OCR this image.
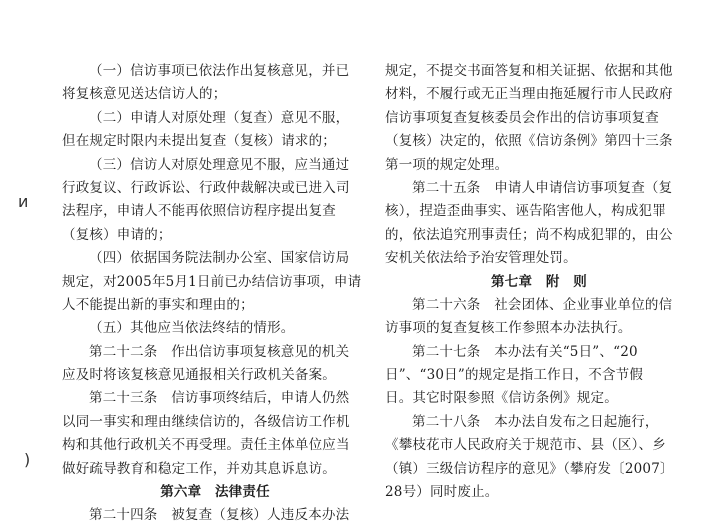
ͷ
)
（一）信访事项已依法作出复核意见，并已
将复核意见送达信访人的；
（二）申请人对原处理（复查）意见不服，
但在规定时限内未提出复查（复核）请求的；
（三）信访人对原处理意见不服，应当通过
行政复议、行政诉讼、行政仲裁解决或已进入司
法程序，申请人不能再依照信访程序提出复查
（复核）申请的；
（四）依据国务院法制办公室、国家信访局
规定，对2005年5月1日前已办结信访事项，申请
人不能提出新的事实和理由的；
（五）其他应当依法终结的情形。
第二十二条　作出信访事项复核意见的机关
应及时将该复核意见通报相关行政机关备案。
第二十三条　信访事项终结后，申请人仍然
以同一事实和理由继续信访的，各级信访工作机
构和其他行政机关不再受理。责任主体单位应当
做好疏导教育和稳定工作，并劝其息诉息访。
第六章　法律责任
第二十四条　被复查（复核）人违反本办法
规定，不提交书面答复和相关证据、依据和其他
材料，不履行或无正当理由拖延履行市人民政府
信访事项复查复核委员会作出的信访事项复查
（复核）决定的，依照《信访条例》第四十三条
第一项的规定处理。
第二十五条　申请人申请信访事项复查（复
核），捏造歪曲事实、诬告陷害他人，构成犯罪
的，依法追究刑事责任；尚不构成犯罪的，由公
安机关依法给予治安管理处罚。
第七章　附　则
第二十六条　社会团体、企业事业单位的信
访事项的复查复核工作参照本办法执行。
第二十七条　本办法有关“5日”、“20
日”、“30日”的规定是指工作日，不含节假
日。其它时限参照《信访条例》规定。
第二十八条　本办法自发布之日起施行，
《攀枝花市人民政府关于规范市、县（区）、乡
（镇）三级信访程序的意见》（攀府发〔2007〕
28号）同时废止。
